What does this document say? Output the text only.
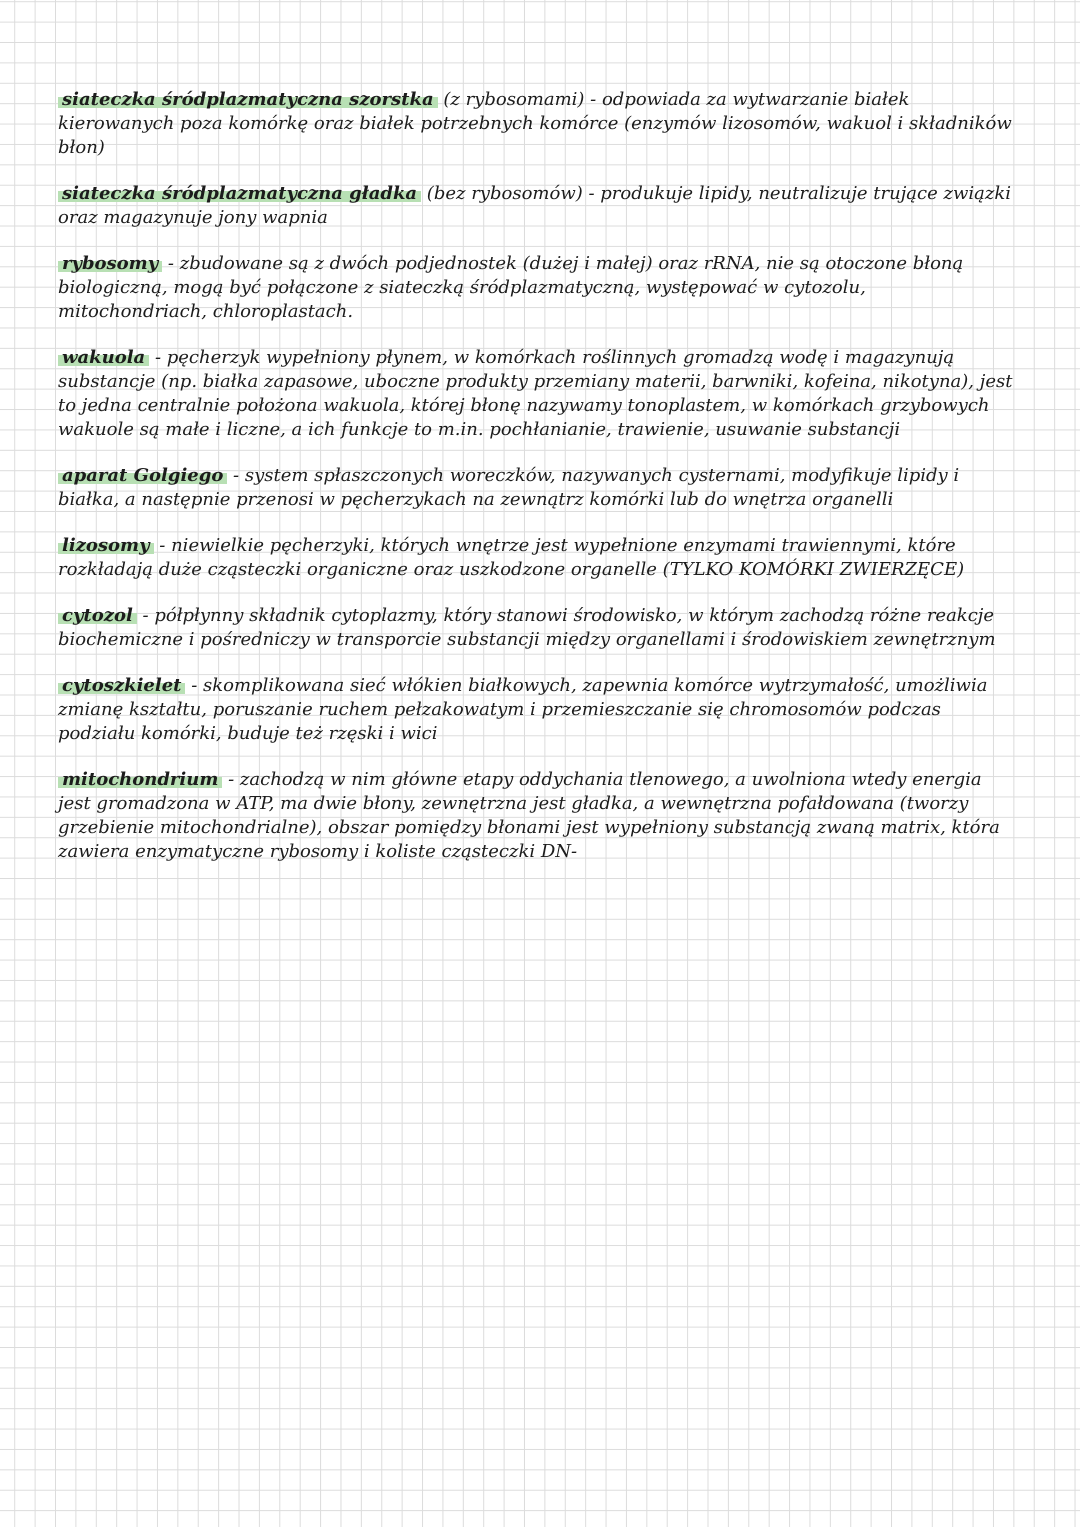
siateczka śródplazmatyczna szorstka (z rybosomami) - odpowiada za wytwarzanie białek kierowanych poza komórkę oraz białek potrzebnych komórce (enzymów lizosomów, wakuol i składników błon)

siateczka śródplazmatyczna gładka (bez rybosomów) - produkuje lipidy, neutralizuje trujące związki oraz magazynuje jony wapnia

rybosomy - zbudowane są z dwóch podjednostek (dużej i małej) oraz rRNA, nie są otoczone błoną biologiczną, mogą być połączone z siateczką śródplazmatyczną, występować w cytozolu, mitochondriach, chloroplastach.

wakuola - pęcherzyk wypełniony płynem, w komórkach roślinnych gromadzą wodę i magazynują substancje (np. białka zapasowe, uboczne produkty przemiany materii, barwniki, kofeina, nikotyna), jest to jedna centralnie położona wakuola, której błonę nazywamy tonoplastem, w komórkach grzybowych wakuole są małe i liczne, a ich funkcje to m.in. pochłanianie, trawienie, usuwanie substancji

aparat Golgiego - system spłaszczonych woreczków, nazywanych cysternami, modyfikuje lipidy i białka, a następnie przenosi w pęcherzykach na zewnątrz komórki lub do wnętrza organelli

lizosomy - niewielkie pęcherzyki, których wnętrze jest wypełnione enzymami trawiennymi, które rozkładają duże cząsteczki organiczne oraz uszkodzone organelle (TYLKO KOMÓRKI ZWIERZĘCE)

cytozol - półpłynny składnik cytoplazmy, który stanowi środowisko, w którym zachodzą różne reakcje biochemiczne i pośredniczy w transporcie substancji między organellami i środowiskiem zewnętrznym

cytoszkielet - skomplikowana sieć włókien białkowych, zapewnia komórce wytrzymałość, umożliwia zmianę kształtu, poruszanie ruchem pełzakowatym i przemieszczanie się chromosomów podczas podziału komórki, buduje też rzęski i wici

mitochondrium - zachodzą w nim główne etapy oddychania tlenowego, a uwolniona wtedy energia jest gromadzona w ATP, ma dwie błony, zewnętrzna jest gładka, a wewnętrzna pofałdowana (tworzy grzebienie mitochondrialne), obszar pomiędzy błonami jest wypełniony substancją zwaną matrix, która zawiera enzymatyczne rybosomy i koliste cząsteczki DN-
